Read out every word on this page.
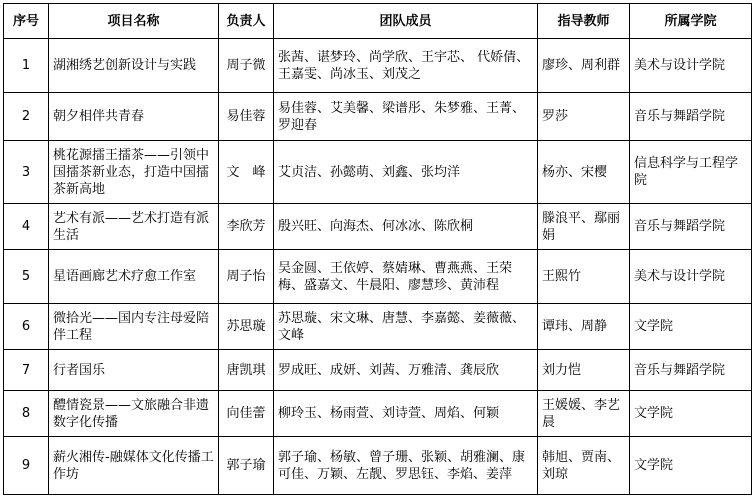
序号	项目名称	负责人	团队成员	指导教师	所属学院
1	湖湘绣艺创新设计与实践	周子微	张茜、谌梦玲、尚学欣、王宇芯、 代娇倩、王嘉雯、尚冰玉、刘茂之	廖珍、周利群	美术与设计学院
2	朝夕相伴共青春	易佳蓉	易佳蓉、艾美馨、梁谱彤、朱梦雅、王菁、罗迎春	罗莎	音乐与舞蹈学院
3	桃花源擂王擂茶——引领中国擂茶新业态，打造中国擂茶新高地	文　峰	艾贞洁、孙懿萌、刘鑫、张均洋	杨亦、宋樱	信息科学与工程学院
4	艺术有派——艺术打造有派生活	李欣芳	殷兴旺、向海杰、何冰冰、陈欣桐	滕浪平、鄢丽娟	音乐与舞蹈学院
5	星语画廊艺术疗愈工作室	周子怡	吴金圆、王依婷、蔡婧琳、曹燕燕、王荣梅、盛嘉文、牛晨阳、廖慧珍、黄沛程	王熙竹	美术与设计学院
6	微拾光——国内专注母爱陪伴工程	苏思璇	苏思璇、宋文琳、唐慧、李嘉懿、姜薇薇、文峰	谭玮、周静	文学院
7	行者国乐	唐凯琪	罗成旺、成妍、刘茜、万雅清、龚辰欣	刘力恺	音乐与舞蹈学院
8	醴情瓷景——文旅融合非遗数字化传播	向佳蕾	柳玲玉、杨雨萱、刘诗萱、周焰、何颖	王媛媛、李艺晨	文学院
9	薪火湘传-融媒体文化传播工作坊	郭子瑜	郭子瑜、杨敏、曾子珊、张颖、胡雅澜、康可佳、万颖、左靓、罗思钰、李焰、姜萍	韩旭、贾南、刘琼	文学院
